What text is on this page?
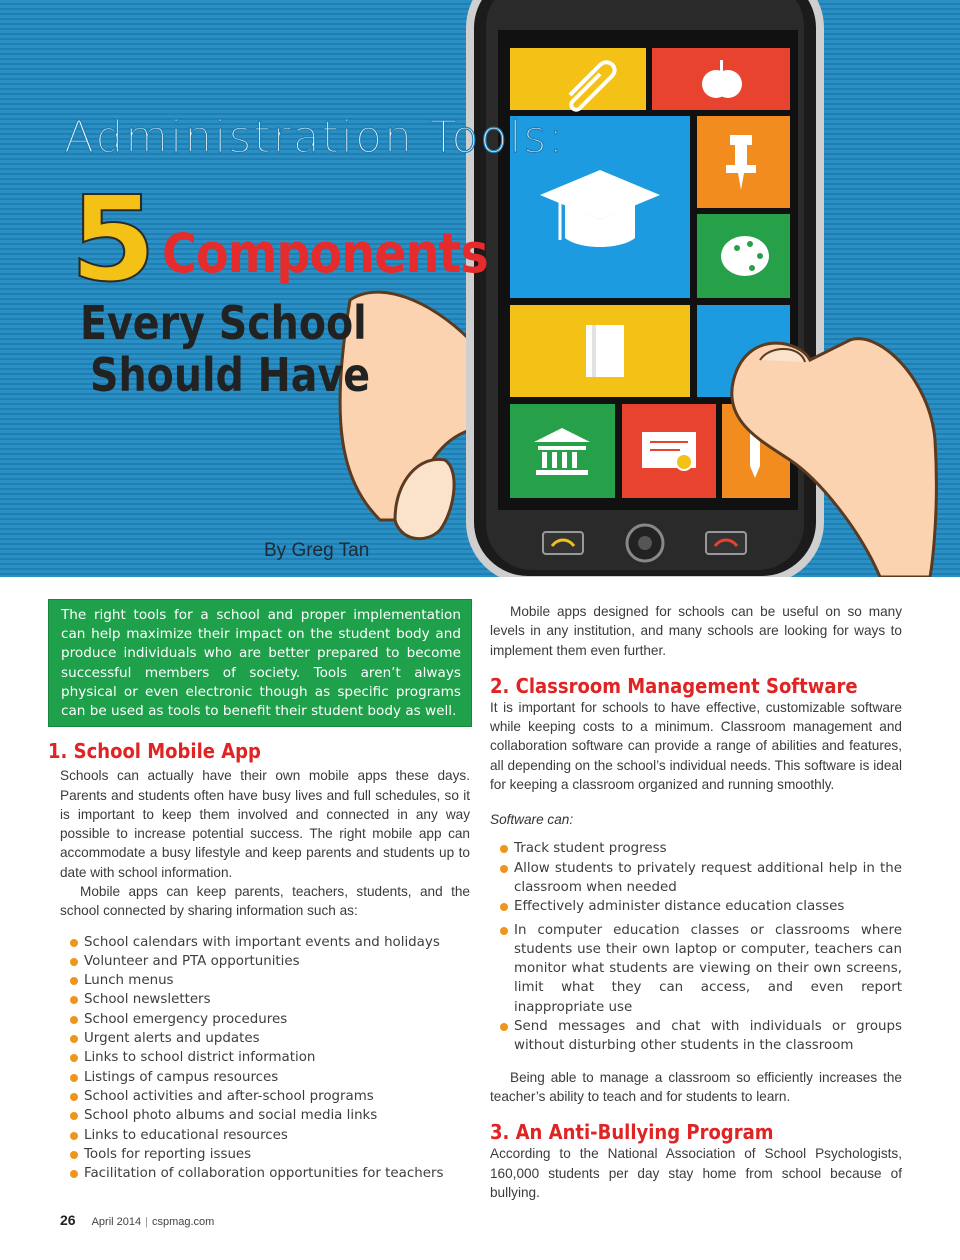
Administration Tools:
5 Components
Every School
Should Have
By Greg Tan
The right tools for a school and proper implementation can help maximize their impact on the student body and produce individuals who are better prepared to become successful members of society. Tools aren’t always physical or even electronic though as specific programs can be used as tools to benefit their student body as well.
1. School Mobile App

Schools can actually have their own mobile apps these days. Parents and students often have busy lives and full schedules, so it is important to keep them involved and connected in any way possible to increase potential success. The right mobile app can accommodate a busy lifestyle and keep parents and students up to date with school information.

Mobile apps can keep parents, teachers, students, and the school connected by sharing information such as:

School calendars with important events and holidays
Volunteer and PTA opportunities
Lunch menus
School newsletters
School emergency procedures
Urgent alerts and updates
Links to school district information
Listings of campus resources
School activities and after-school programs
School photo albums and social media links
Links to educational resources
Tools for reporting issues
Facilitation of collaboration opportunities for teachers

Mobile apps designed for schools can be useful on so many levels in any institution, and many schools are looking for ways to implement them even further.

2. Classroom Management Software

It is important for schools to have effective, customizable software while keeping costs to a minimum. Classroom management and collaboration software can provide a range of abilities and features, all depending on the school’s individual needs. This software is ideal for keeping a classroom organized and running smoothly.

Software can:

Track student progress
Allow students to privately request additional help in the classroom when needed
Effectively administer distance education classes
In computer education classes or classrooms where students use their own laptop or computer, teachers can monitor what students are viewing on their own screens, limit what they can access, and even report inappropriate use
Send messages and chat with individuals or groups without disturbing other students in the classroom

Being able to manage a classroom so efficiently increases the teacher’s ability to teach and for students to learn.

3. An Anti-Bullying Program

According to the National Association of School Psychologists, 160,000 students per day stay home from school because of bullying.

26 April 2014 | cspmag.com
